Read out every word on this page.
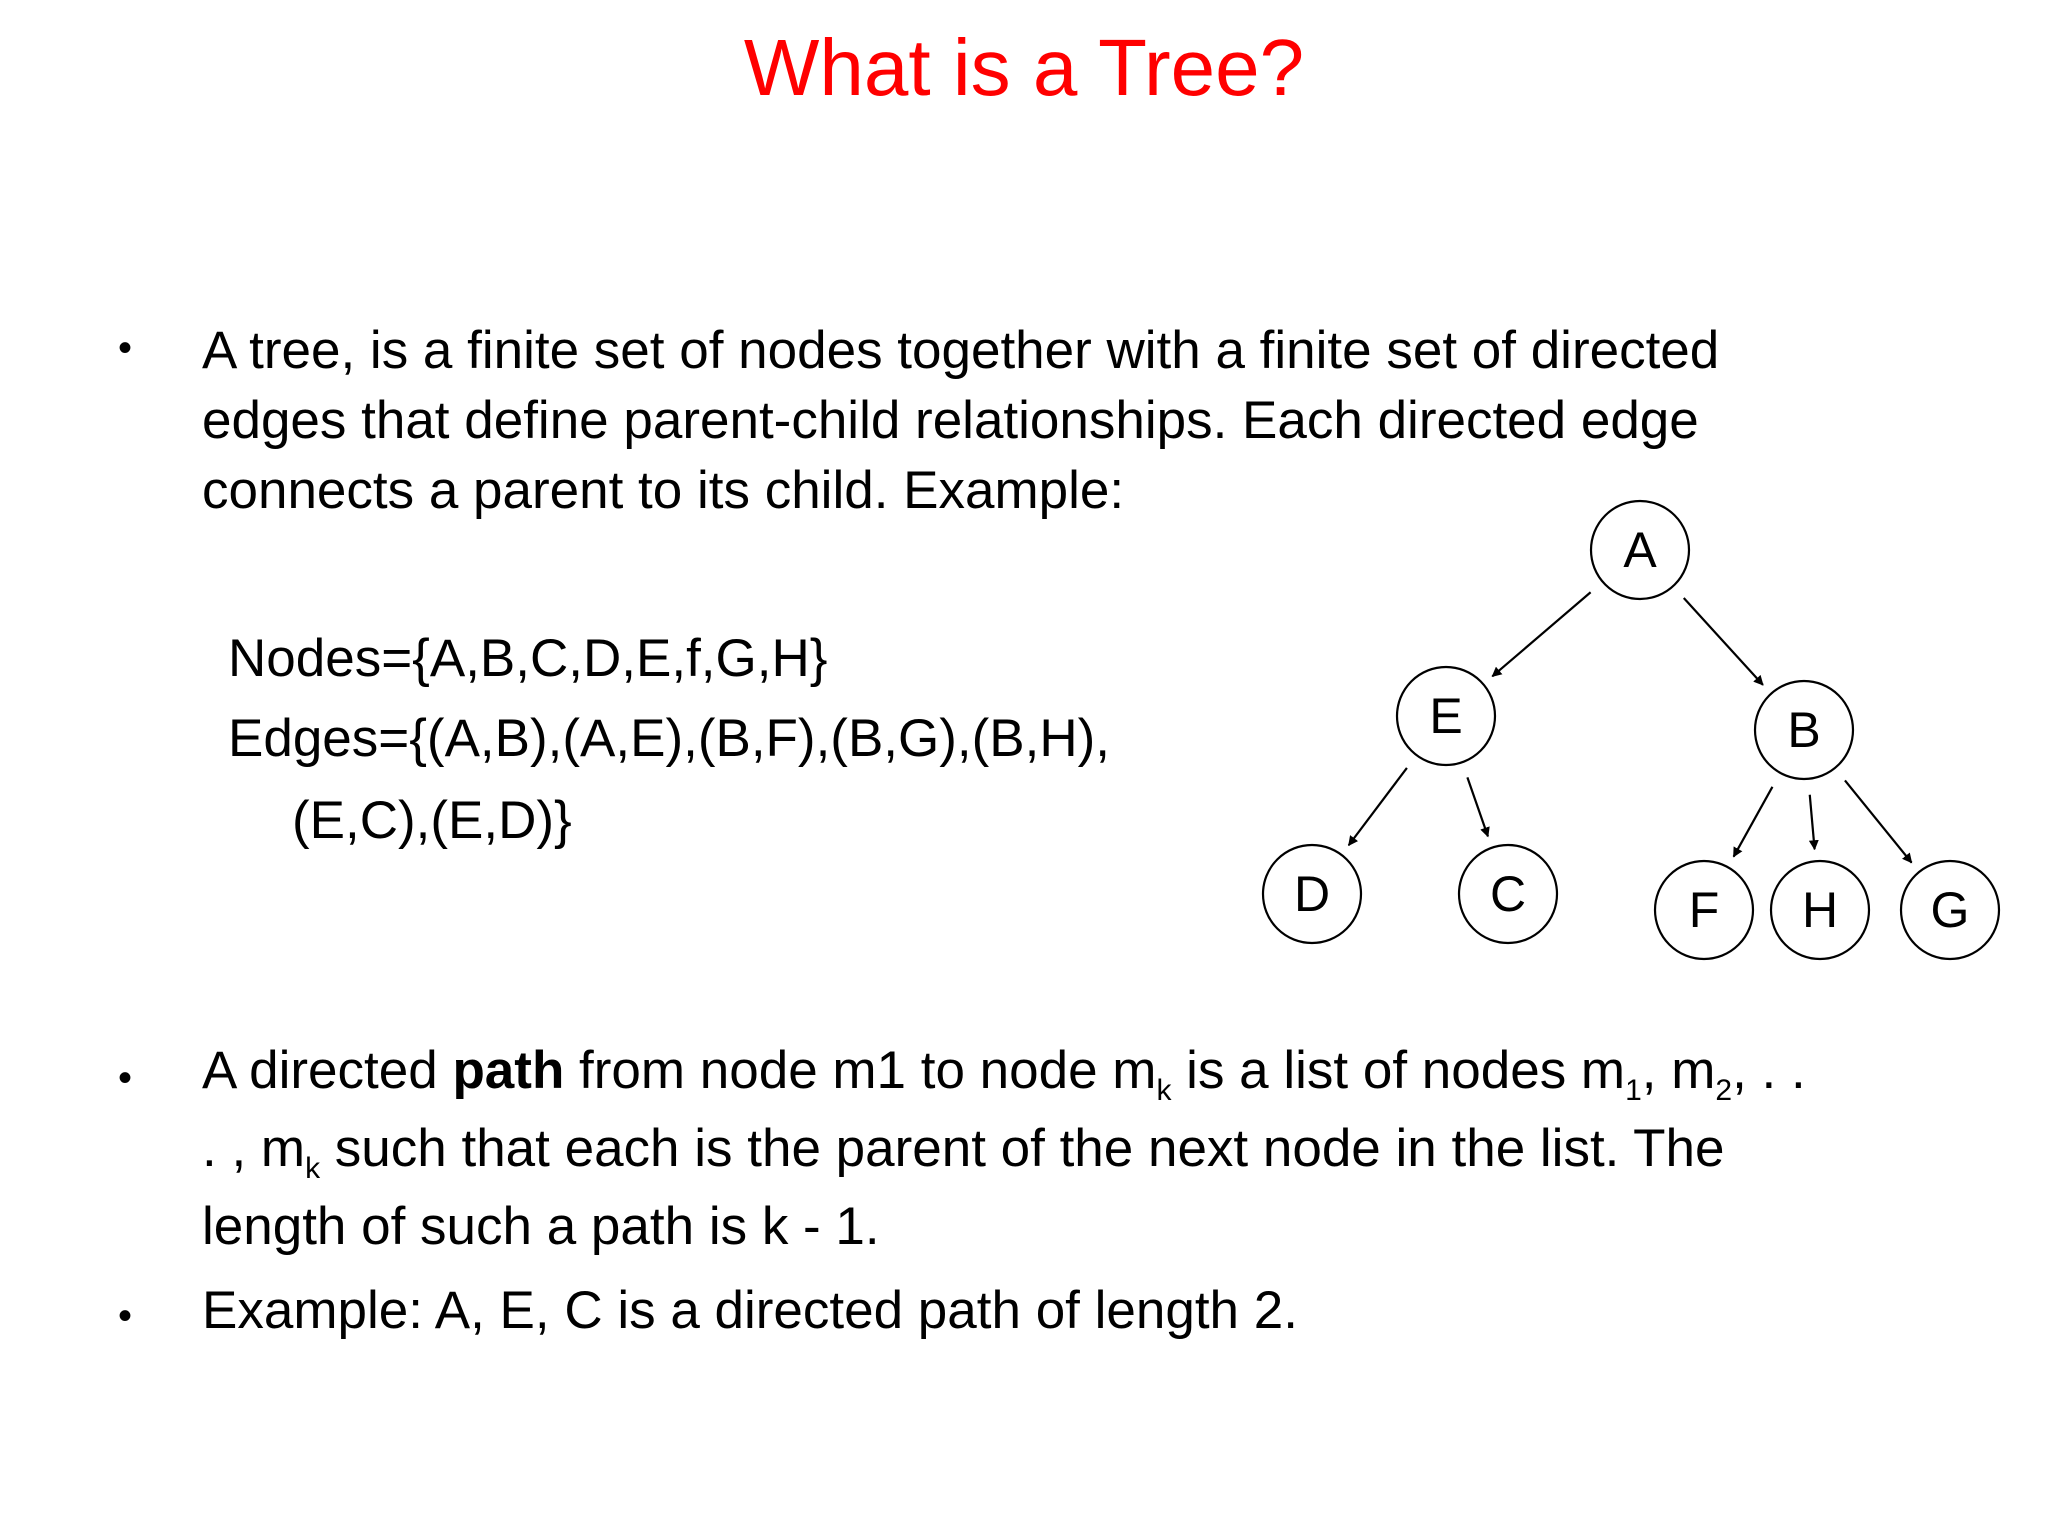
What is a Tree?
• A tree, is a finite set of nodes together with a finite set of directed
edges that define parent-child relationships. Each directed edge
connects a parent to its child. Example:
Nodes={A,B,C,D,E,f,G,H}
Edges={(A,B),(A,E),(B,F),(B,G),(B,H),
(E,C),(E,D)}
A
E	B
D	C	F H G
• A directed path from node m1 to node $m_k$ is a list of nodes $m_1$, $m_2$, . .
. , $m_k$ such that each is the parent of the next node in the list. The
length of such a path is k - 1.
• Example: A, E, C is a directed path of length 2.
